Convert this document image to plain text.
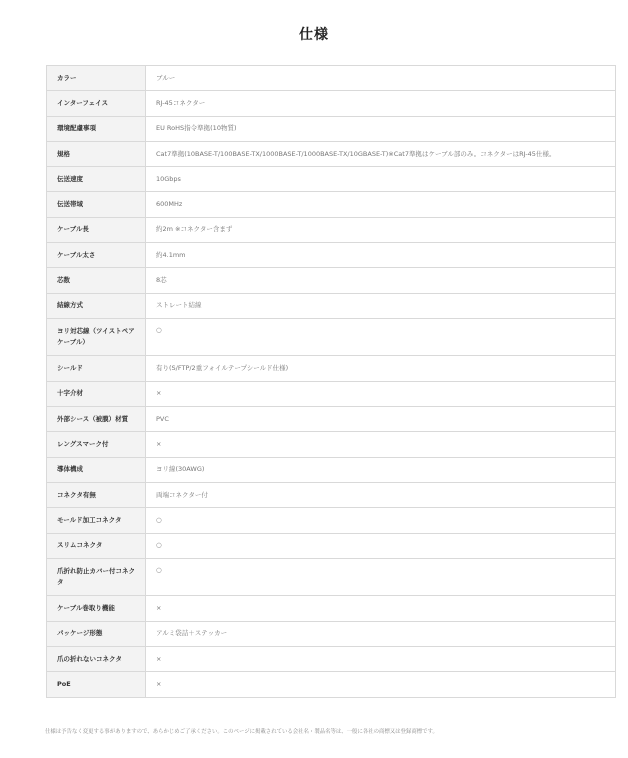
仕様
カラー	ブルー
インターフェイス	RJ-45コネクター
環境配慮事項	EU RoHS指令準拠(10物質)
規格	Cat7準拠(10BASE-T/100BASE-TX/1000BASE-T/1000BASE-TX/10GBASE-T)※Cat7準拠はケーブル部のみ。コネクターはRJ-45仕様。
伝送速度	10Gbps
伝送帯域	600MHz
ケーブル長	約2m ※コネクター含まず
ケーブル太さ	約4.1mm
芯数	8芯
結線方式	ストレート結線
ヨリ対芯線（ツイストペアケーブル）	○
シールド	有り(S/FTP/2重フォイルテープシールド仕様)
十字介材	×
外部シース（被膜）材質	PVC
レングスマーク付	×
導体構成	ヨリ線(30AWG)
コネクタ有無	両端コネクター付
モールド加工コネクタ	○
スリムコネクタ	○
爪折れ防止カバー付コネクタ	○
ケーブル巻取り機能	×
パッケージ形態	アルミ袋詰＋ステッカー
爪の折れないコネクタ	×
PoE	×
仕様は予告なく変更する事がありますので、あらかじめご了承ください。このページに掲載されている会社名・製品名等は、一般に各社の商標又は登録商標です。
